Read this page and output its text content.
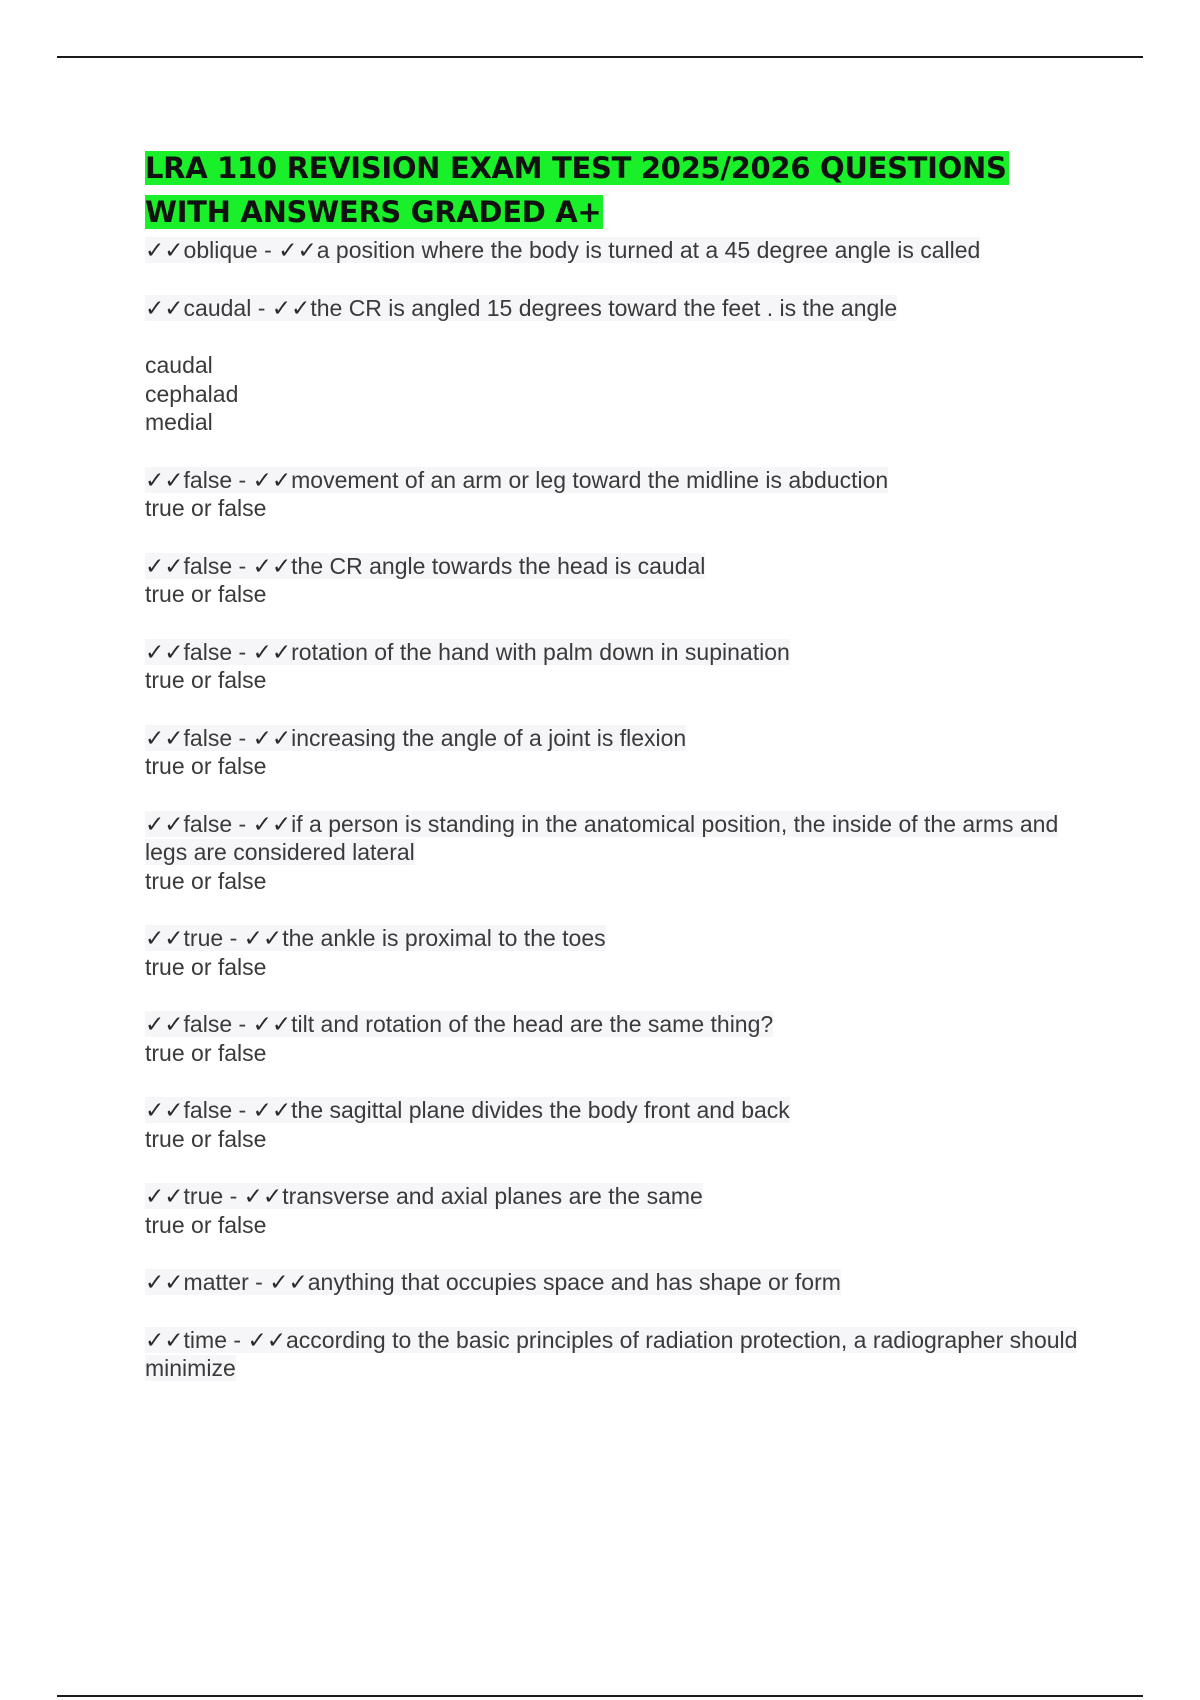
LRA 110 REVISION EXAM TEST 2025/2026 QUESTIONS WITH ANSWERS GRADED A+
✓✓oblique - ✓✓a position where the body is turned at a 45 degree angle is called
✓✓caudal - ✓✓the CR is angled 15 degrees toward the feet . is the angle
caudal
cephalad
medial
✓✓false - ✓✓movement of an arm or leg toward the midline is abduction
true or false
✓✓false - ✓✓the CR angle towards the head is caudal
true or false
✓✓false - ✓✓rotation of the hand with palm down in supination
true or false
✓✓false - ✓✓increasing the angle of a joint is flexion
true or false
✓✓false - ✓✓if a person is standing in the anatomical position, the inside of the arms and legs are considered lateral
true or false
✓✓true - ✓✓the ankle is proximal to the toes
true or false
✓✓false - ✓✓tilt and rotation of the head are the same thing?
true or false
✓✓false - ✓✓the sagittal plane divides the body front and back
true or false
✓✓true - ✓✓transverse and axial planes are the same
true or false
✓✓matter - ✓✓anything that occupies space and has shape or form
✓✓time - ✓✓according to the basic principles of radiation protection, a radiographer should minimize
